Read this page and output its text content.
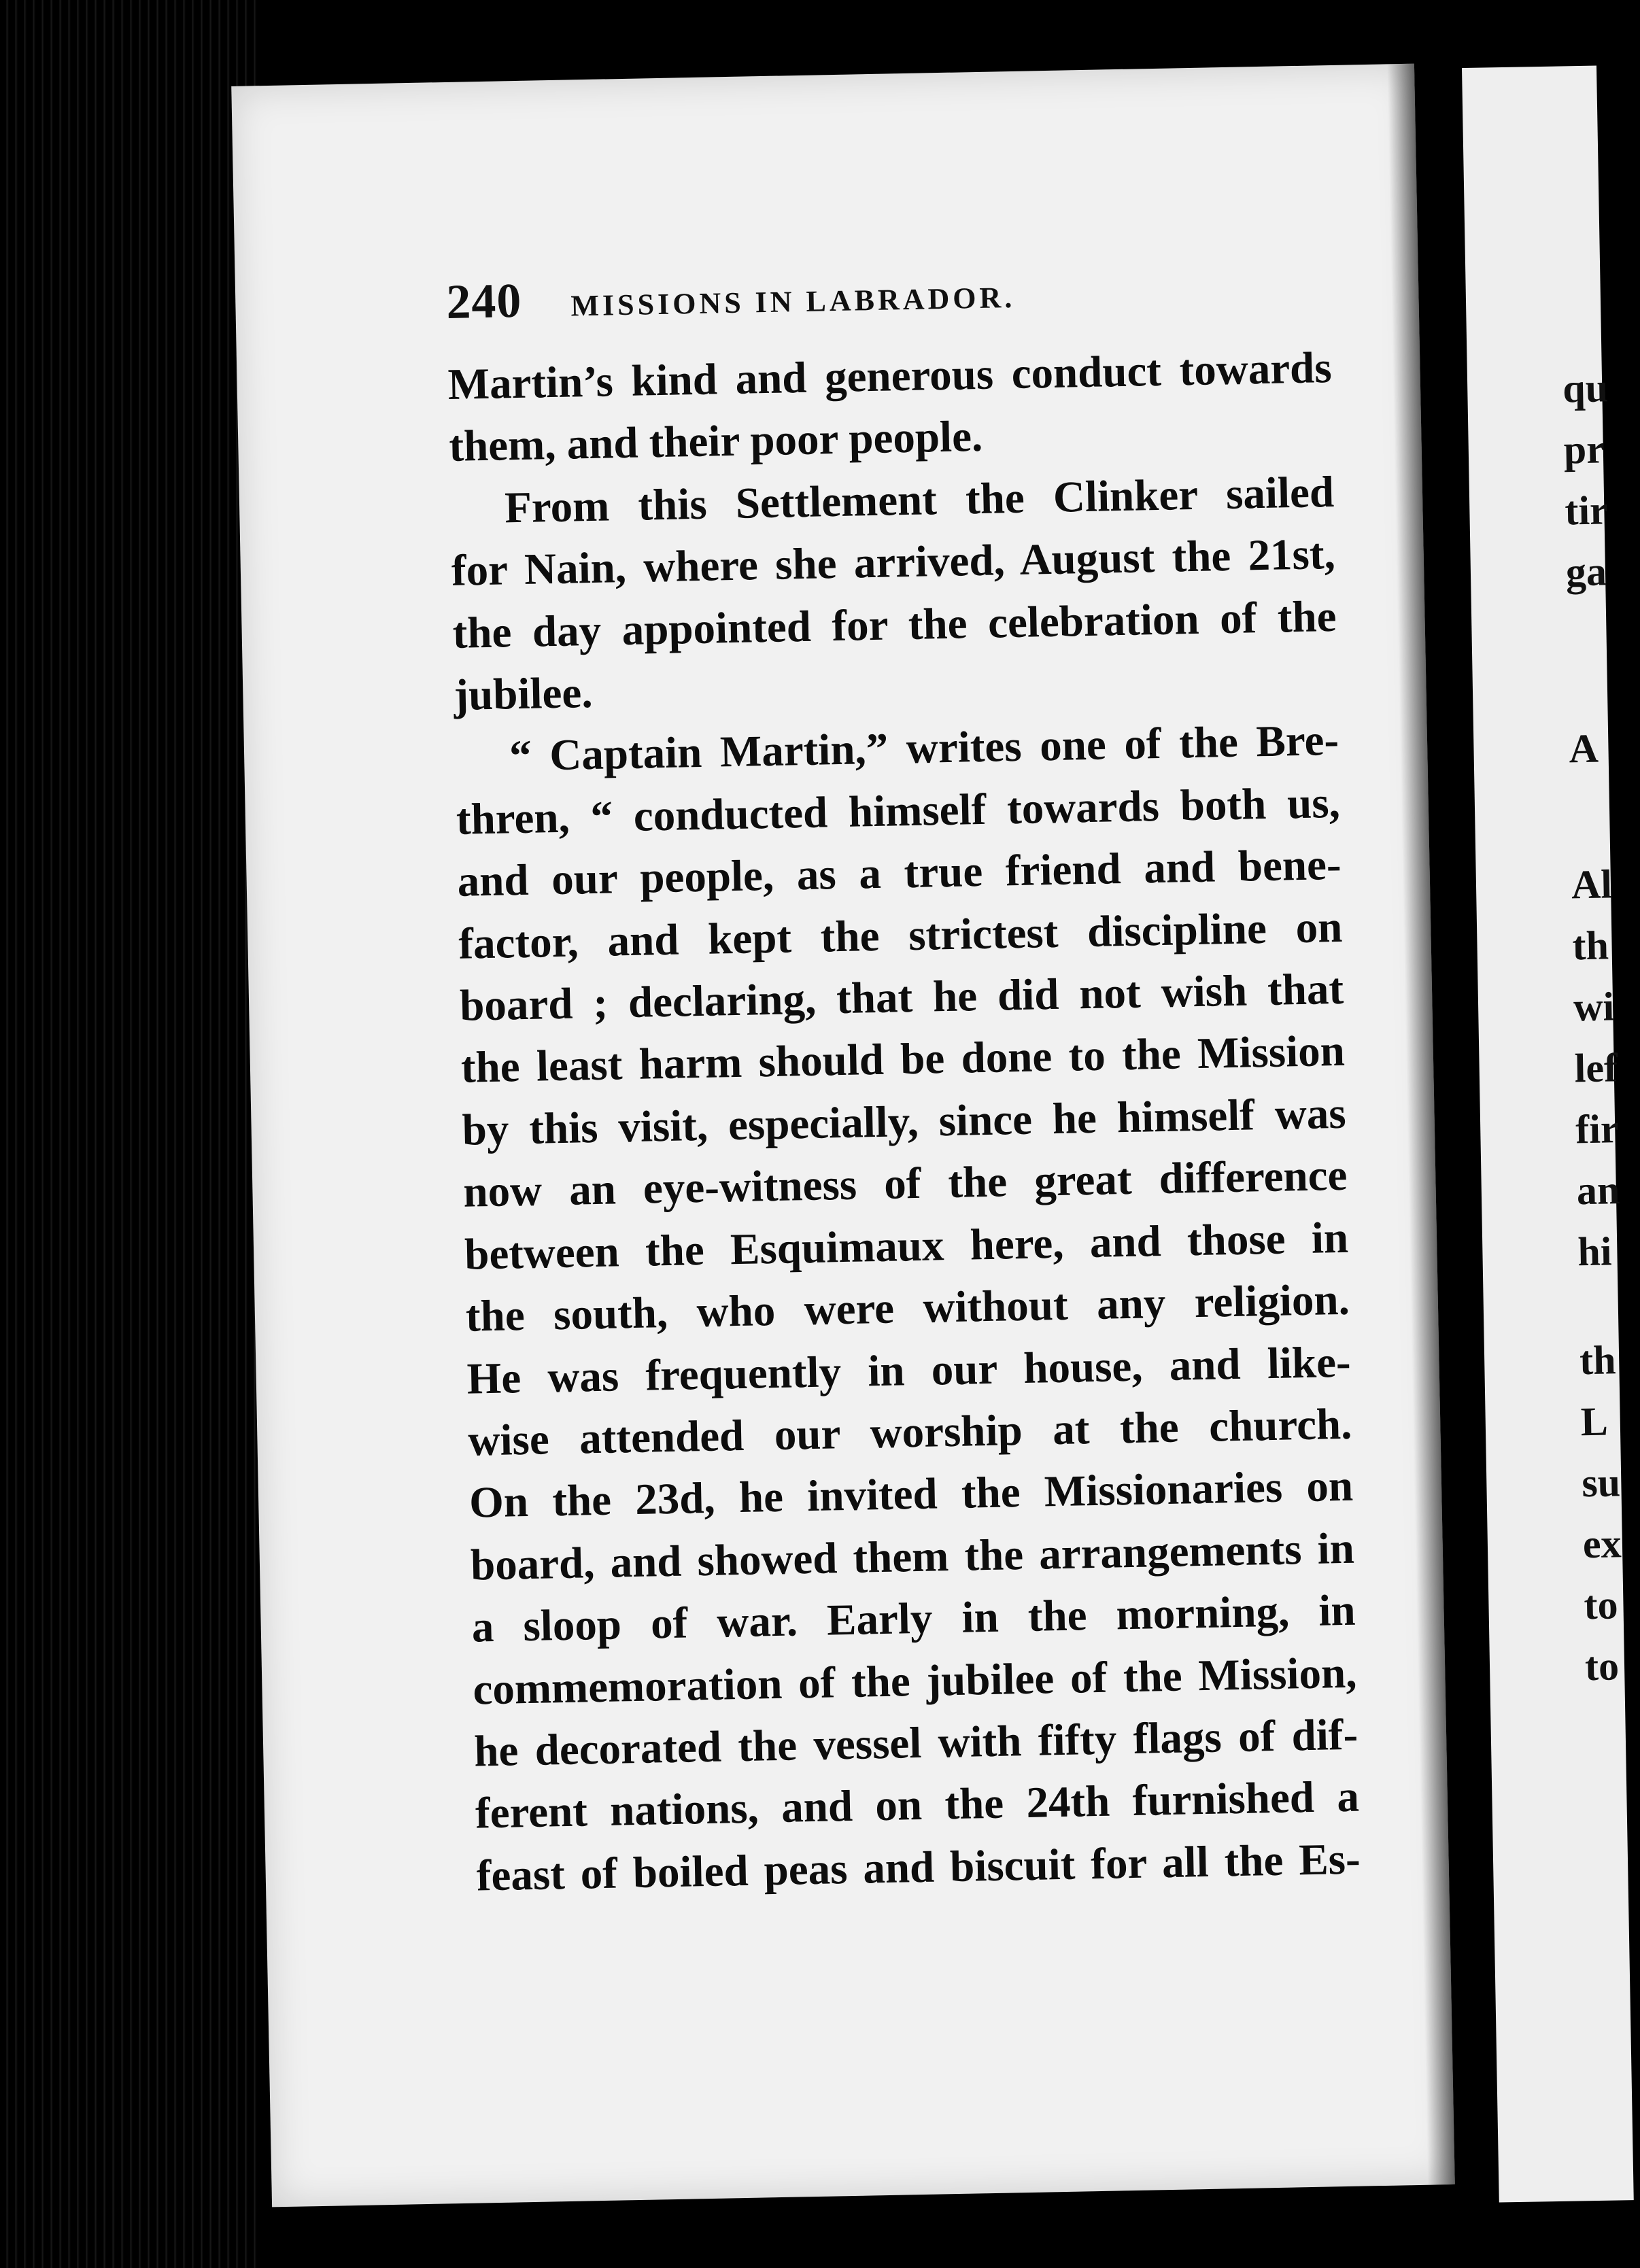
240 MISSIONS IN LABRADOR.
Martin’s kind and generous conduct towards
them, and their poor people.
From this Settlement the Clinker sailed
for Nain, where she arrived, August the 21st,
the day appointed for the celebration of the
jubilee.
“ Captain Martin,” writes one of the Bre-
thren, “ conducted himself towards both us,
and our people, as a true friend and bene-
factor, and kept the strictest discipline on
board ; declaring, that he did not wish that
the least harm should be done to the Mission
by this visit, especially, since he himself was
now an eye-witness of the great difference
between the Esquimaux here, and those in
the south, who were without any religion.
He was frequently in our house, and like-
wise attended our worship at the church.
On the 23d, he invited the Missionaries on
board, and showed them the arrangements in
a sloop of war. Early in the morning, in
commemoration of the jubilee of the Mission,
he decorated the vessel with fifty flags of dif-
ferent nations, and on the 24th furnished a
feast of boiled peas and biscuit for all the Es-
qu
pr
tir
ga
A
Al
th
wi
lef
fir
an
hi
th
L
su
ex
to
to
